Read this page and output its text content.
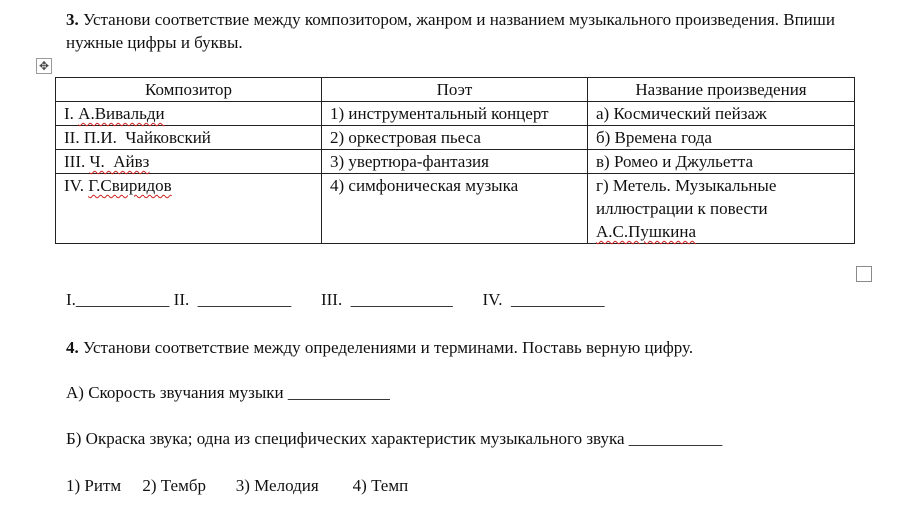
3. Установи соответствие между композитором, жанром и названием музыкального произведения. Впиши нужные цифры и буквы.
✥
Композитор	Поэт	Название произведения
I. А.Вивальди	1) инструментальный концерт	а) Космический пейзаж
II. П.И.  Чайковский	2) оркестровая пьеса	б) Времена года
III. Ч.  Айвз	3) увертюра-фантазия	в) Ромео и Джульетта
IV. Г.Свиридов	4) симфоническая музыка	г) Метель. Музыкальные иллюстрации к повести А.С.Пушкина
I.___________ II.  ___________       III.  ____________       IV.  ___________
4. Установи соответствие между определениями и терминами. Поставь верную цифру.
А) Скорость звучания музыки ____________
Б) Окраска звука; одна из специфических характеристик музыкального звука ___________
1) Ритм     2) Тембр       3) Мелодия        4) Темп
